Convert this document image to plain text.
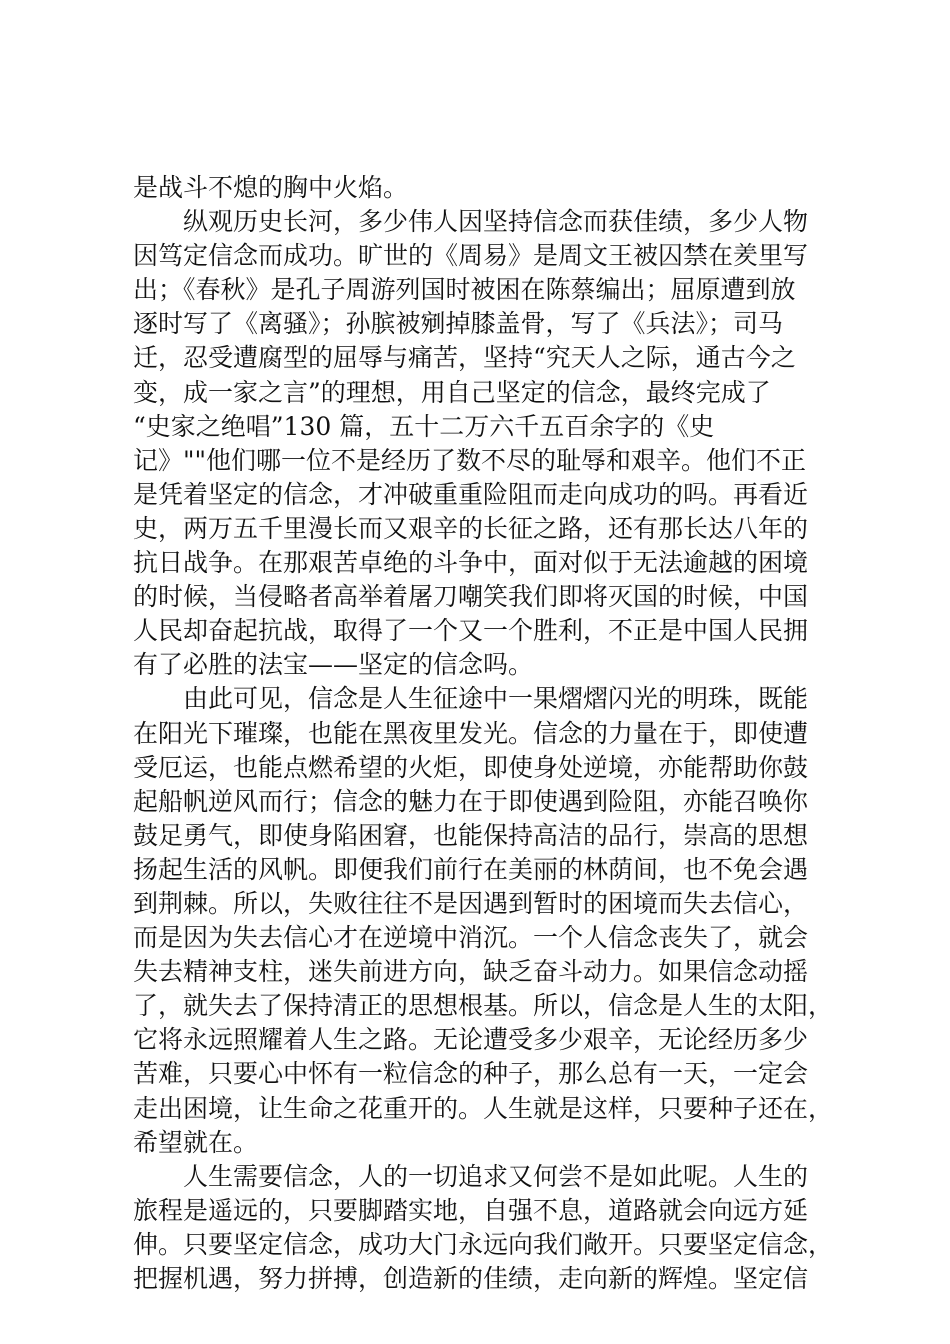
是战斗不熄的胸中火焰。
纵观历史长河，多少伟人因坚持信念而获佳绩，多少人物
因笃定信念而成功。旷世的《周易》是周文王被囚禁在羑里写
出；《春秋》是孔子周游列国时被困在陈蔡编出；屈原遭到放
逐时写了《离骚》；孙膑被剜掉膝盖骨，写了《兵法》；司马
迁，忍受遭腐型的屈辱与痛苦，坚持“究天人之际，通古今之
变，成一家之言”的理想，用自己坚定的信念，最终完成了
“史家之绝唱”130 篇，五十二万六千五百余字的《史
记》""他们哪一位不是经历了数不尽的耻辱和艰辛。他们不正
是凭着坚定的信念，才冲破重重险阻而走向成功的吗。再看近
史，两万五千里漫长而又艰辛的长征之路，还有那长达八年的
抗日战争。在那艰苦卓绝的斗争中，面对似于无法逾越的困境
的时候，当侵略者高举着屠刀嘲笑我们即将灭国的时候，中国
人民却奋起抗战，取得了一个又一个胜利，不正是中国人民拥
有了必胜的法宝——坚定的信念吗。
由此可见，信念是人生征途中一果熠熠闪光的明珠，既能
在阳光下璀璨，也能在黑夜里发光。信念的力量在于，即使遭
受厄运，也能点燃希望的火炬，即使身处逆境，亦能帮助你鼓
起船帆逆风而行；信念的魅力在于即使遇到险阻，亦能召唤你
鼓足勇气，即使身陷困窘，也能保持高洁的品行，崇高的思想
扬起生活的风帆。即便我们前行在美丽的林荫间，也不免会遇
到荆棘。所以，失败往往不是因遇到暂时的困境而失去信心，
而是因为失去信心才在逆境中消沉。一个人信念丧失了，就会
失去精神支柱，迷失前进方向，缺乏奋斗动力。如果信念动摇
了，就失去了保持清正的思想根基。所以，信念是人生的太阳，
它将永远照耀着人生之路。无论遭受多少艰辛，无论经历多少
苦难，只要心中怀有一粒信念的种子，那么总有一天，一定会
走出困境，让生命之花重开的。人生就是这样，只要种子还在，
希望就在。
人生需要信念，人的一切追求又何尝不是如此呢。人生的
旅程是遥远的，只要脚踏实地，自强不息，道路就会向远方延
伸。只要坚定信念，成功大门永远向我们敞开。只要坚定信念，
把握机遇，努力拼搏，创造新的佳绩，走向新的辉煌。坚定信
